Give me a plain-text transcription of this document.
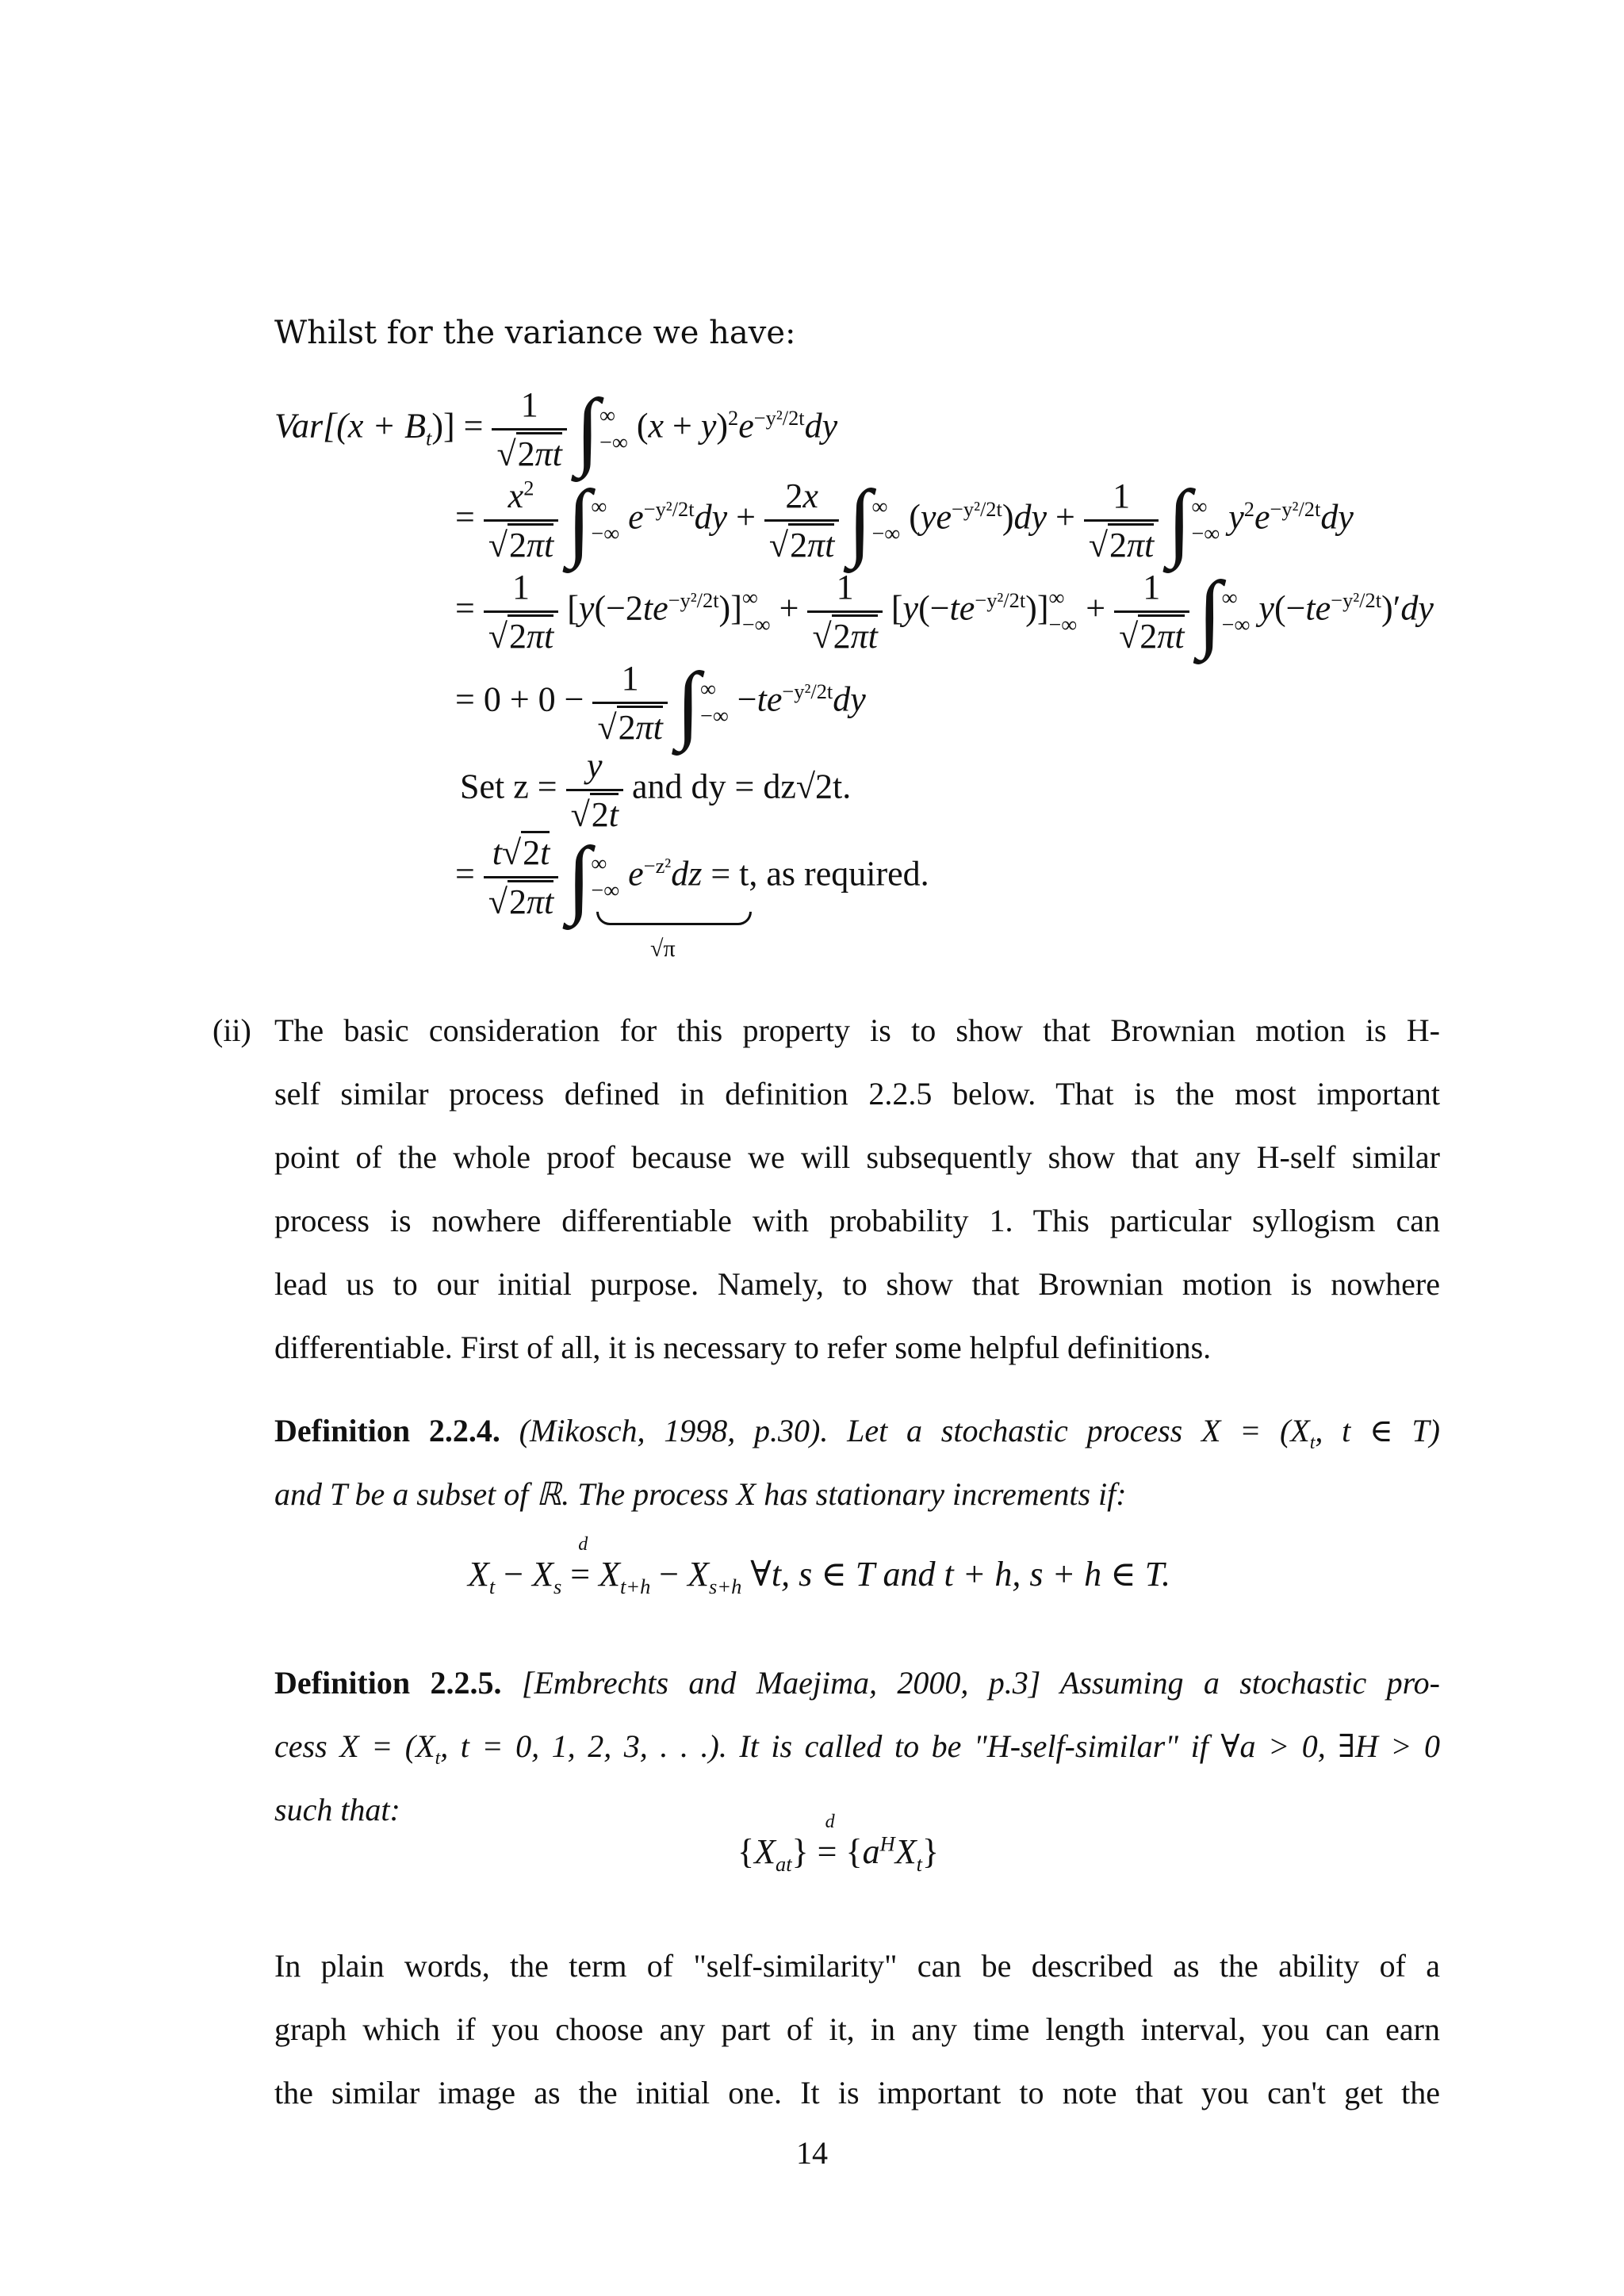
Whilst for the variance we have:
$Var[(x + B_t)] = \frac{1}{√2\pi t}$ ∫ ∞
−∞ $(x + y)^2e^{-y^2/2t}dy$
= $\frac{x^2}{√2\pi t}$ ∫ ∞
−∞ $e^{-y^2/2t}dy + \frac{2x}{√2\pi t}$ ∫ ∞
−∞ $(ye^{-y^2/2t})dy + \frac{1}{√2\pi t}$ ∫ ∞
−∞ $y^2e^{-y^2/2t}dy$
= $\frac{1}{√2\pi t} [y(-2te^{-y^2/2t})]$ ∞
−∞ + $\frac{1}{√2\pi t} [y(-te^{-y^2/2t})]$ ∞
−∞ + $\frac{1}{√2\pi t}$ ∫ ∞
−∞ $y(-te^{-y^2/2t})'dy$
= $0 + 0 - \frac{1}{√2\pi t}$ ∫ ∞
−∞ $-te^{-y^2/2t}dy$
Set $z = \frac{y}{√2t}$ and dy = dz√2t.
= $\frac{t√2t}{√2\pi t}$ ∫ ∞
−∞ $e^{-z^2}dz = t$, as required.
√π
(ii) The basic consideration for this property is to show that Brownian motion is H-
self similar process defined in definition 2.2.5 below. That is the most important
point of the whole proof because we will subsequently show that any H-self similar
process is nowhere differentiable with probability 1. This particular syllogism can
lead us to our initial purpose. Namely, to show that Brownian motion is nowhere
differentiable. First of all, it is necessary to refer some helpful definitions.
Definition 2.2.4. (Mikosch, 1998, p.30). Let a stochastic process $X = (X_t$, t ∈ T)
and T be a subset of ℝ. The process X has stationary increments if:
$X_t - X_s$ =
d
$X_{t+h} - X_{s+h}$ ∀t, s ∈ T and t + h, s + h ∈ T.
Definition 2.2.5. [Embrechts and Maejima, 2000, p.3] Assuming a stochastic pro-
cess $X = (X_t$, t = 0, 1, 2, 3, . . .). It is called to be "H-self-similar" if ∀a > 0, ∃H > 0
such that:
$\{X_{at}\}$ =
d
$\{a^HX_t\}$
In plain words, the term of "self-similarity" can be described as the ability of a
graph which if you choose any part of it, in any time length interval, you can earn
the similar image as the initial one. It is important to note that you can't get the
14
